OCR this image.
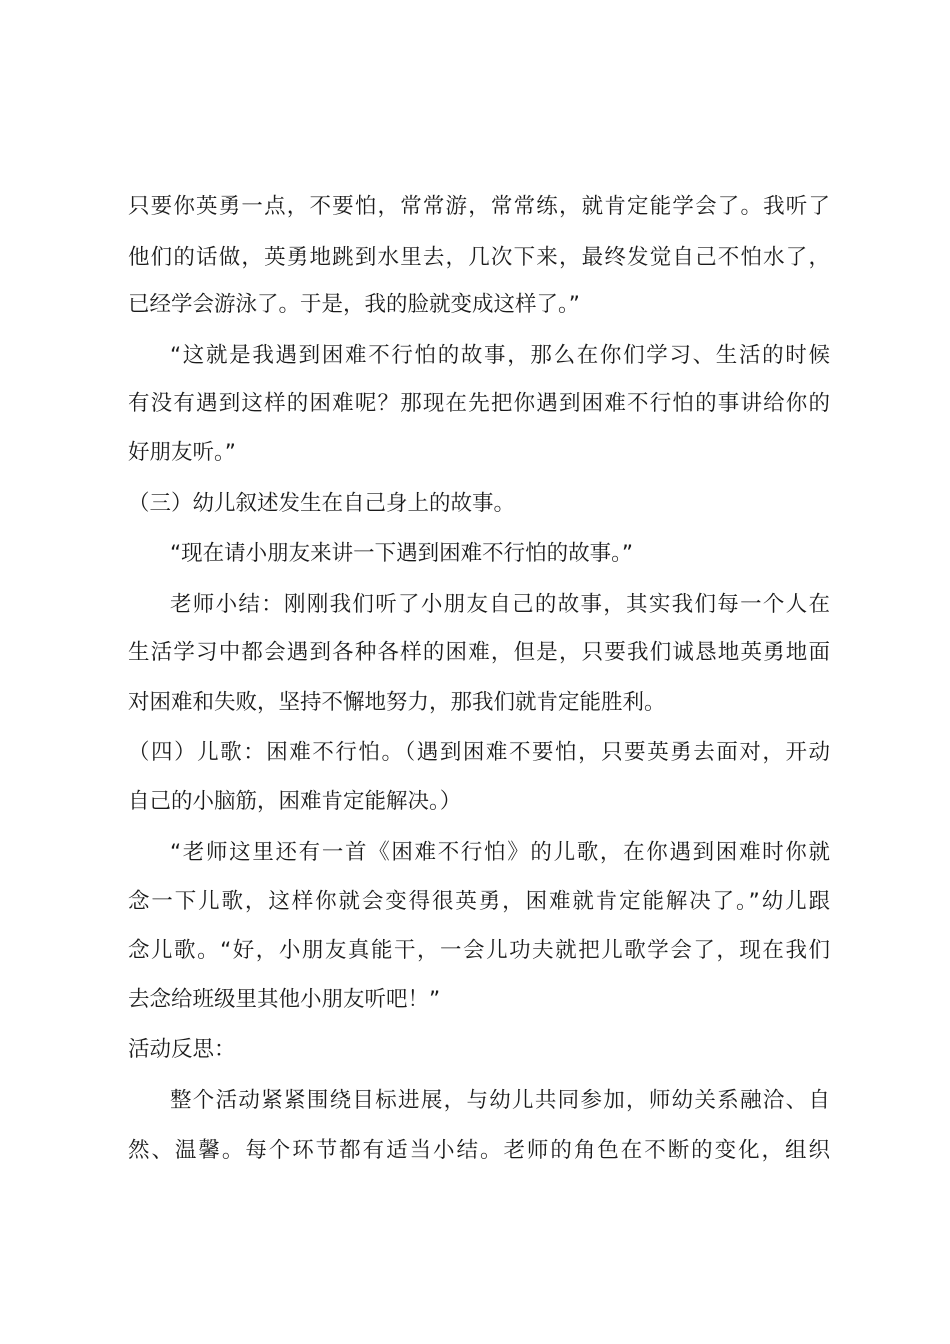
只要你英勇一点，不要怕，常常游，常常练，就肯定能学会了。我听了
他们的话做，英勇地跳到水里去，几次下来，最终发觉自己不怕水了，
已经学会游泳了。于是，我的脸就变成这样了。”
“这就是我遇到困难不行怕的故事，那么在你们学习、生活的时候
有没有遇到这样的困难呢？那现在先把你遇到困难不行怕的事讲给你的
好朋友听。”
（三）幼儿叙述发生在自己身上的故事。
“现在请小朋友来讲一下遇到困难不行怕的故事。”
老师小结：刚刚我们听了小朋友自己的故事，其实我们每一个人在
生活学习中都会遇到各种各样的困难，但是，只要我们诚恳地英勇地面
对困难和失败，坚持不懈地努力，那我们就肯定能胜利。
（四）儿歌：困难不行怕。（遇到困难不要怕，只要英勇去面对，开动
自己的小脑筋，困难肯定能解决。）
“老师这里还有一首《困难不行怕》的儿歌，在你遇到困难时你就
念一下儿歌，这样你就会变得很英勇，困难就肯定能解决了。”幼儿跟
念儿歌。“好，小朋友真能干，一会儿功夫就把儿歌学会了，现在我们
去念给班级里其他小朋友听吧！”
活动反思：
整个活动紧紧围绕目标进展，与幼儿共同参加，师幼关系融洽、自
然、温馨。每个环节都有适当小结。老师的角色在不断的变化，组织
